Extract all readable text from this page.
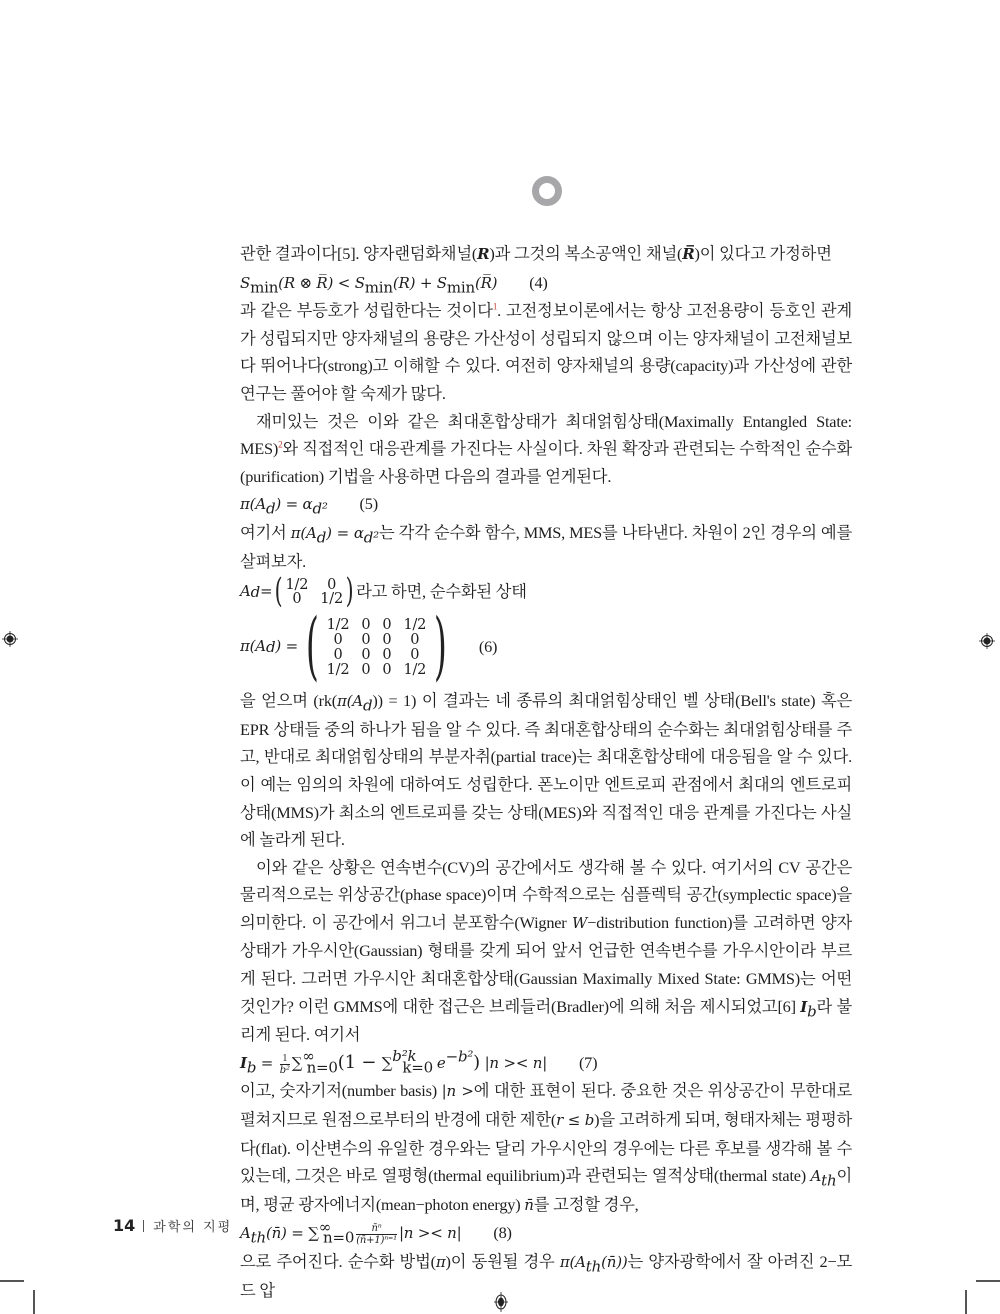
관한 결과이다[5]. 양자랜덤화채널(R)과 그것의 복소공액인 채널(R̅)이 있다고 가정하면

$S_{min}(R$ ⊗ R̅) < $S_{min}(R)$ + $S_{min}(R̅)$ (4)

과 같은 부등호가 성립한다는 것이다$^1$. 고전정보이론에서는 항상 고전용량이 등호인 관계가 성립되지만 양자채널의 용량은 가산성이 성립되지 않으며 이는 양자채널이 고전채널보다 뛰어나다(strong)고 이해할 수 있다. 여전히 양자채널의 용량(capacity)과 가산성에 관한 연구는 풀어야 할 숙제가 많다.

재미있는 것은 이와 같은 최대혼합상태가 최대얽힘상태(Maximally Entangled State: MES)$^2$와 직접적인 대응관계를 가진다는 사실이다. 차원 확장과 관련되는 수학적인 순수화(purification) 기법을 사용하면 다음의 결과를 얻게된다.

$\pi(A_d) = \alpha_{d^2}$ (5)

여기서 $\pi(A_d) = \alpha_{d^2}$는 각각 순수화 함수, MMS, MES를 나타낸다. 차원이 2인 경우의 예를 살펴보자.

A d = ( 1/2	0
0	1/2 ) 라고 하면, 순수화된 상태
π(A d ) = ( 1/2 0 0 1/2
0	0 0	0
0	0 0	0
1/2 0 0 1/2 ) (6)

을 얻으며 $(rk(\pi(A_d)) = 1)$ 이 결과는 네 종류의 최대얽힘상태인 벨 상태(Bell's state) 혹은 EPR 상태들 중의 하나가 됨을 알 수 있다. 즉 최대혼합상태의 순수화는 최대얽힘상태를 주고, 반대로 최대얽힘상태의 부분자취(partial trace)는 최대혼합상태에 대응됨을 알 수 있다. 이 예는 임의의 차원에 대하여도 성립한다. 폰노이만 엔트로피 관점에서 최대의 엔트로피 상태(MMS)가 최소의 엔트로피를 갖는 상태(MES)와 직접적인 대응 관계를 가진다는 사실에 놀라게 된다.

이와 같은 상황은 연속변수(CV)의 공간에서도 생각해 볼 수 있다. 여기서의 CV 공간은 물리적으로는 위상공간(phase space)이며 수학적으로는 심플렉틱 공간(symplectic space)을 의미한다. 이 공간에서 위그너 분포함수(Wigner W−distribution function)를 고려하면 양자상태가 가우시안(Gaussian) 형태를 갖게 되어 앞서 언급한 연속변수를 가우시안이라 부르게 된다. 그러면 가우시안 최대혼합상태(Gaussian Maximally Mixed State: GMMS)는 어떤 것인가? 이런 GMMS에 대한 접근은 브레들러(Bradler)에 의해 처음 제시되었고[6] $I_b$라 불리게 된다. 여기서

$I_b = \frac{1}{\text{b²}} \sum^\infty_{n=0}(1 - \sum^{b^2k}_{k=0}$ $e^{-b^2}$) |n >< n| (7)

이고, 숫자기저(number basis) |n >에 대한 표현이 된다. 중요한 것은 위상공간이 무한대로 펼쳐지므로 원점으로부터의 반경에 대한 제한(r ≤ b)을 고려하게 되며, 형태자체는 평평하다(flat). 이산변수의 유일한 경우와는 달리 가우시안의 경우에는 다른 후보를 생각해 볼 수 있는데, 그것은 바로 열평형(thermal equilibrium)과 관련되는 열적상태(thermal state) $A_{th}$이며, 평균 광자에너지(mean−photon energy) n̄를 고정할 경우,

$A_{th}(n̄) = \sum^\infty_{n=0} \frac{\text{n̄ⁿ}}{\text{(n̄+1)ⁿ⁼¹}} |n >< n|$ (8)

으로 주어진다. 순수화 방법(π)이 동원될 경우 $\pi(A_{th}(n̄))$는 양자광학에서 잘 아려진 2−모드 압

14 과학의 지평
